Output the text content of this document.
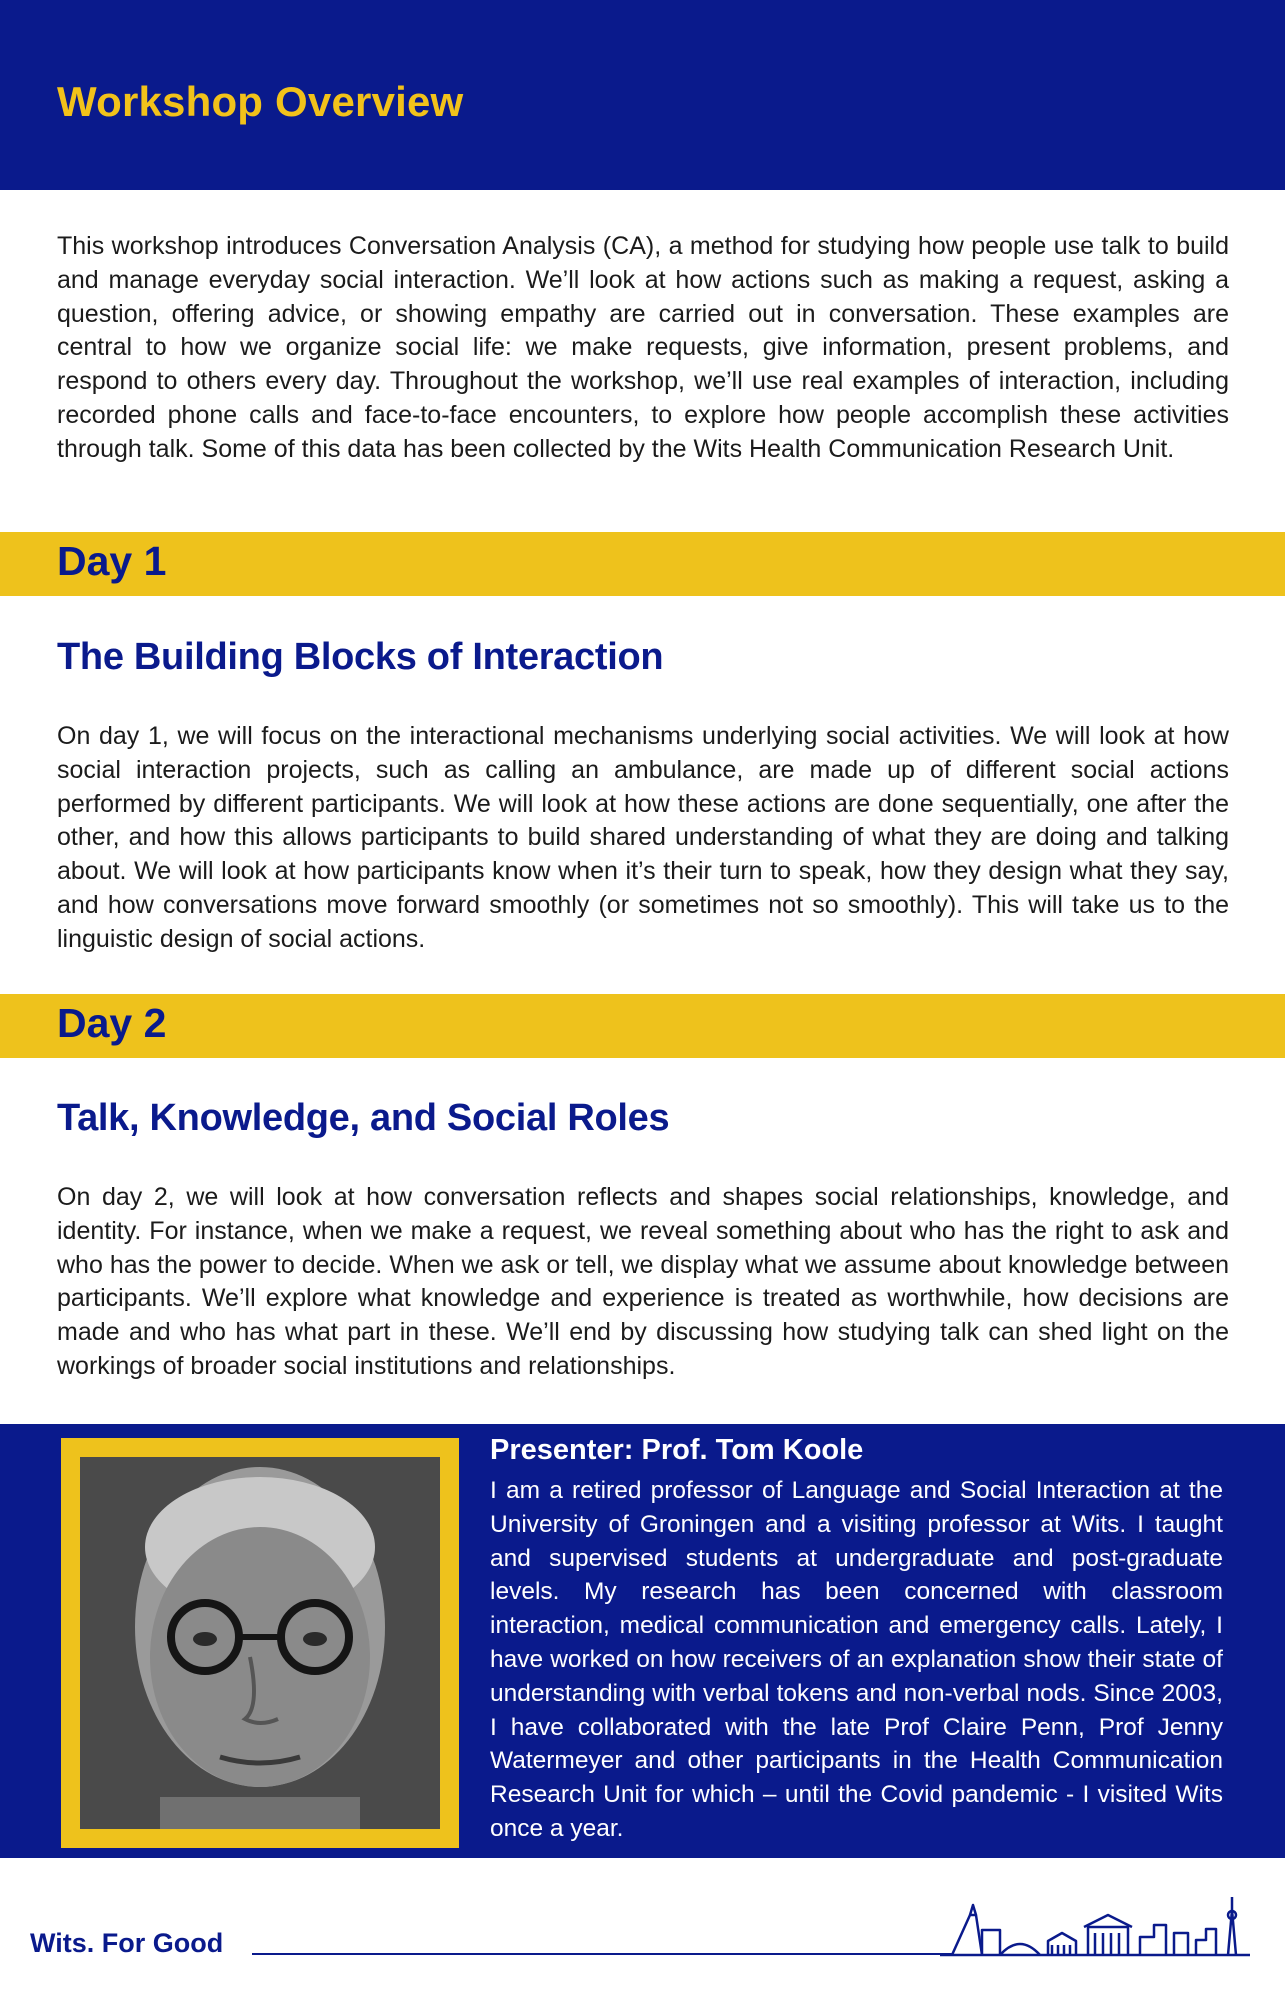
Workshop Overview

This workshop introduces Conversation Analysis (CA), a method for studying how people use talk to build and manage everyday social interaction. We’ll look at how actions such as making a request, asking a question, offering advice, or showing empathy are carried out in conversation. These examples are central to how we organize social life: we make requests, give information, present problems, and respond to others every day. Throughout the workshop, we’ll use real examples of interaction, including recorded phone calls and face-to-face encounters, to explore how people accomplish these activities through talk. Some of this data has been collected by the Wits Health Communication Research Unit.

Day 1
The Building Blocks of Interaction

On day 1, we will focus on the interactional mechanisms underlying social activities. We will look at how social interaction projects, such as calling an ambulance, are made up of different social actions performed by different participants. We will look at how these actions are done sequentially, one after the other, and how this allows participants to build shared understanding of what they are doing and talking about. We will look at how participants know when it’s their turn to speak, how they design what they say, and how conversations move forward smoothly (or sometimes not so smoothly). This will take us to the linguistic design of social actions.

Day 2
Talk, Knowledge, and Social Roles

On day 2, we will look at how conversation reflects and shapes social relationships, knowledge, and identity. For instance, when we make a request, we reveal something about who has the right to ask and who has the power to decide. When we ask or tell, we display what we assume about knowledge between participants. We’ll explore what knowledge and experience is treated as worthwhile, how decisions are made and who has what part in these. We’ll end by discussing how studying talk can shed light on the workings of broader social institutions and relationships.

Presenter: Prof. Tom Koole

I am a retired professor of Language and Social Interaction at the University of Groningen and a visiting professor at Wits. I taught and supervised students at undergraduate and post-graduate levels. My research has been concerned with classroom interaction, medical communication and emergency calls. Lately, I have worked on how receivers of an explanation show their state of understanding with verbal tokens and non-verbal nods. Since 2003, I have collaborated with the late Prof Claire Penn, Prof Jenny Watermeyer and other participants in the Health Communication Research Unit for which – until the Covid pandemic - I visited Wits once a year.

Wits. For Good
